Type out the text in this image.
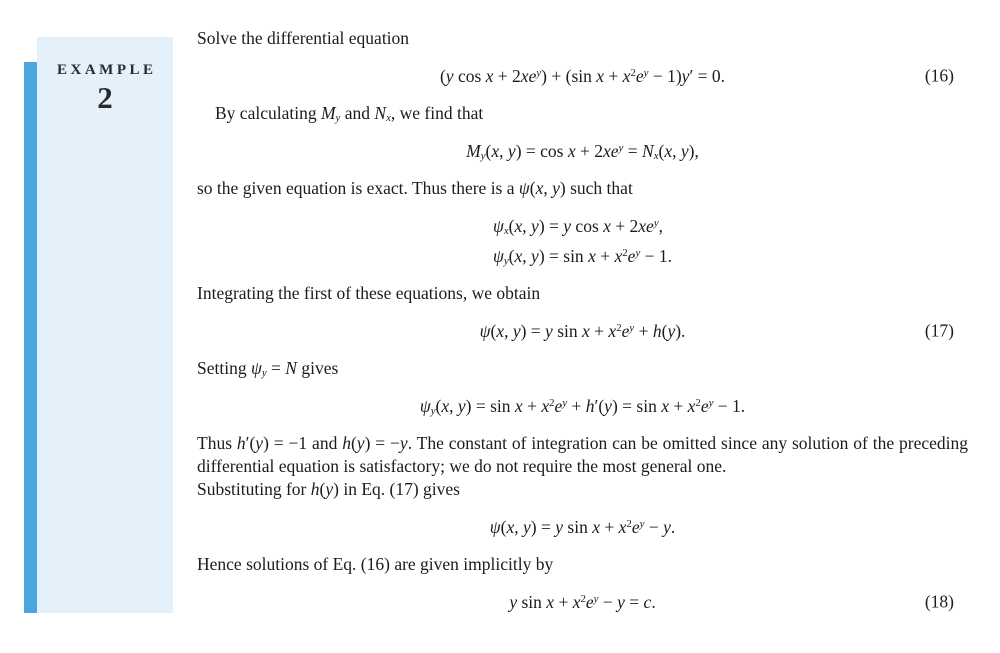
EXAMPLE
2

Solve the differential equation

(y $\cos x + 2xe^y) + (\sin$ $x + x^2e^y - 1)y' = 0$.	(16)

By calculating $M_y$ and $N_x$, we find that

$M_y(x$, $y) = \cos x + 2xe^y = N_x(x$, y),

so the given equation is exact. Thus there is a ψ(x, y) such that

$\psi_x(x$, y) = y $\cos x + 2xe^y$,
$\psi_y(x$, $y) = \sin x + x^2e^y - 1$.

Integrating the first of these equations, we obtain

ψ(x, y) = y $\sin x + x^2e^y + h(y)$.	(17)

Setting $\psi_y = N$ gives

$\psi_y(x$, $y) = \sin x + x^2e^y + h'(y) = \sin x + x^2e^y - 1$.

Thus h′(y) = −1 and h(y) = −y. The constant of integration can be omitted since any solution of the preceding differential equation is satisfactory; we do not require the most general one.

Substituting for h(y) in Eq. (17) gives

ψ(x, y) = y $\sin x + x^2e^y - y$.

Hence solutions of Eq. (16) are given implicitly by

y $\sin x + x^2e^y - y = c$.	(18)
